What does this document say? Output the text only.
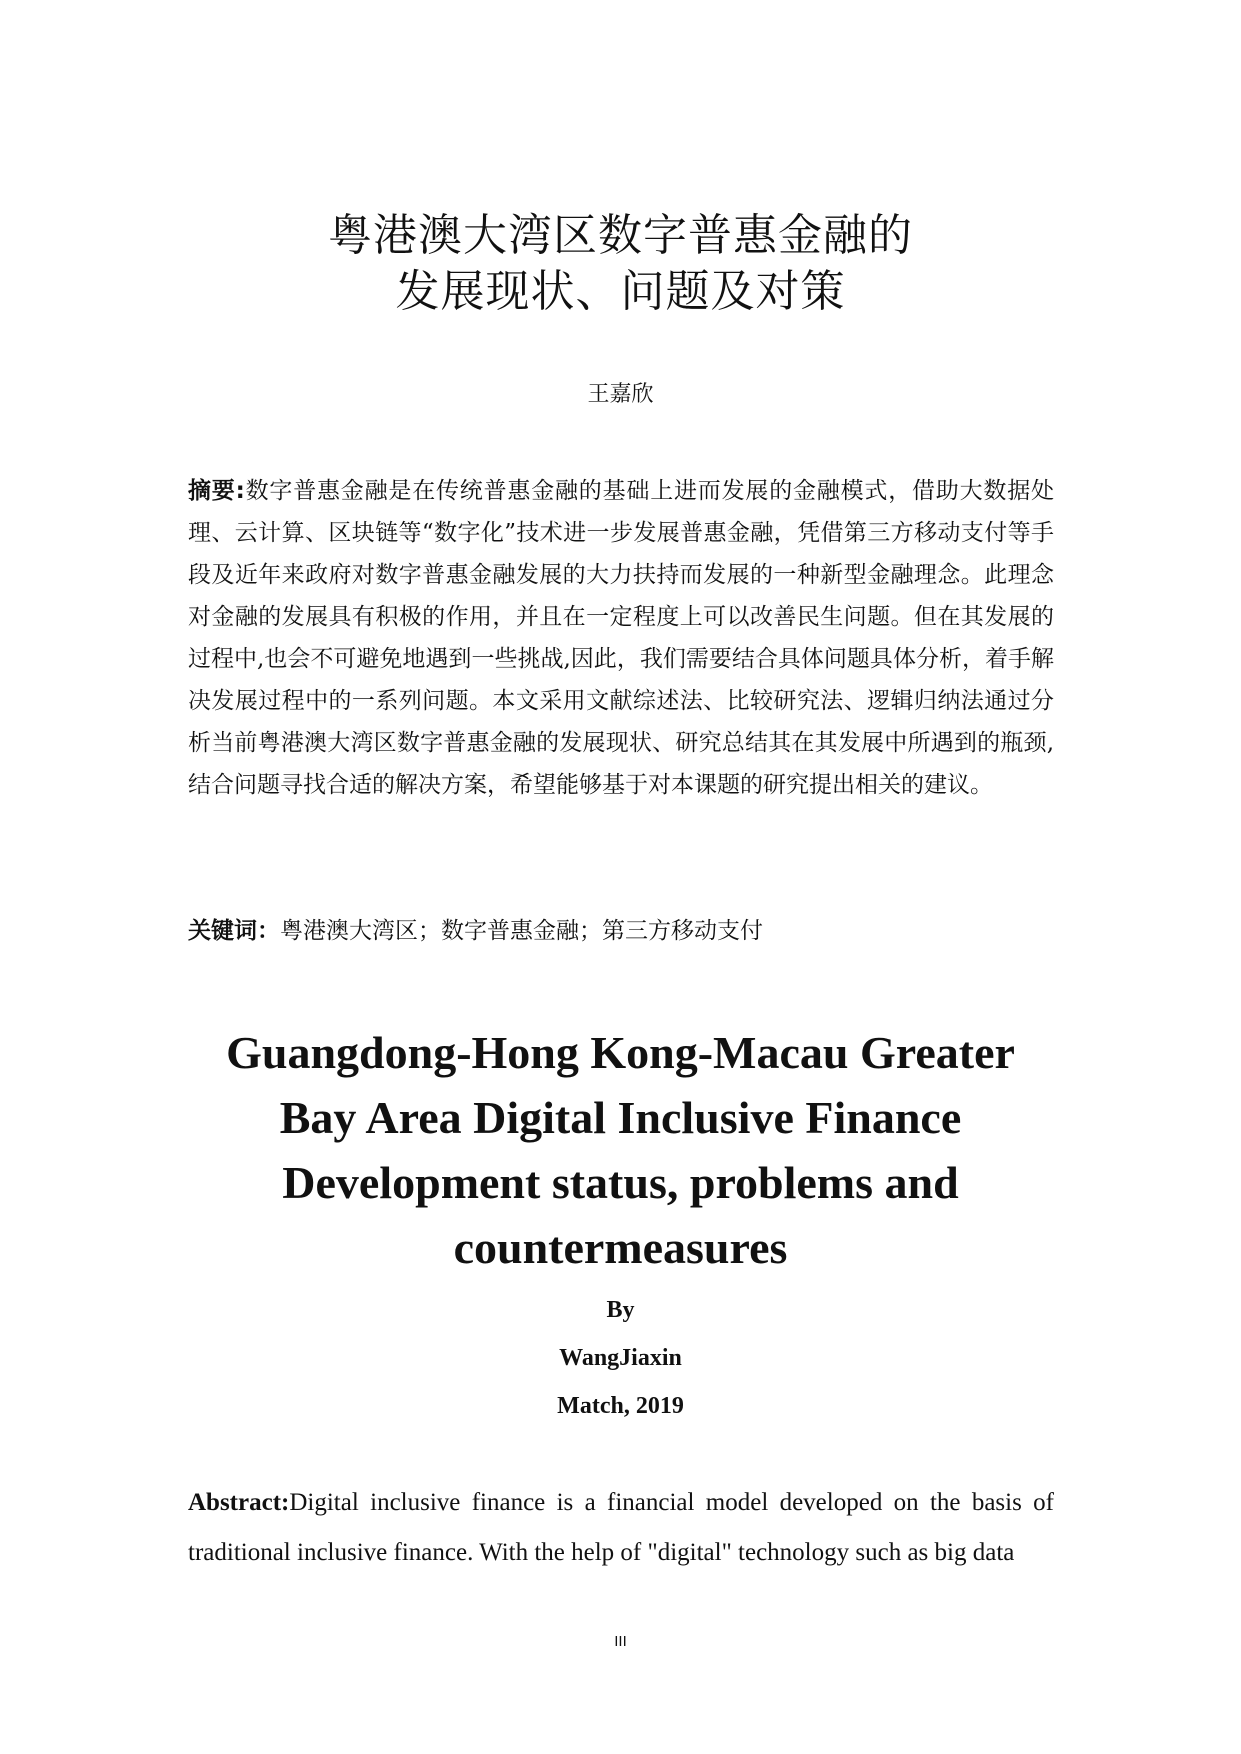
粤港澳大湾区数字普惠金融的
发展现状、问题及对策
王嘉欣
摘要:数字普惠金融是在传统普惠金融的基础上进而发展的金融模式，借助大数据处理、云计算、区块链等“数字化”技术进一步发展普惠金融，凭借第三方移动支付等手段及近年来政府对数字普惠金融发展的大力扶持而发展的一种新型金融理念。此理念对金融的发展具有积极的作用，并且在一定程度上可以改善民生问题。但在其发展的过程中,也会不可避免地遇到一些挑战,因此，我们需要结合具体问题具体分析，着手解决发展过程中的一系列问题。本文采用文献综述法、比较研究法、逻辑归纳法通过分析当前粤港澳大湾区数字普惠金融的发展现状、研究总结其在其发展中所遇到的瓶颈,结合问题寻找合适的解决方案，希望能够基于对本课题的研究提出相关的建议。
关键词：粤港澳大湾区；数字普惠金融；第三方移动支付
Guangdong-Hong Kong-Macau Greater
Bay Area Digital Inclusive Finance
Development status, problems and
countermeasures
By
WangJiaxin
Match, 2019
Abstract:Digital inclusive finance is a financial model developed on the basis of traditional inclusive finance. With the help of "digital" technology such as big data
III
